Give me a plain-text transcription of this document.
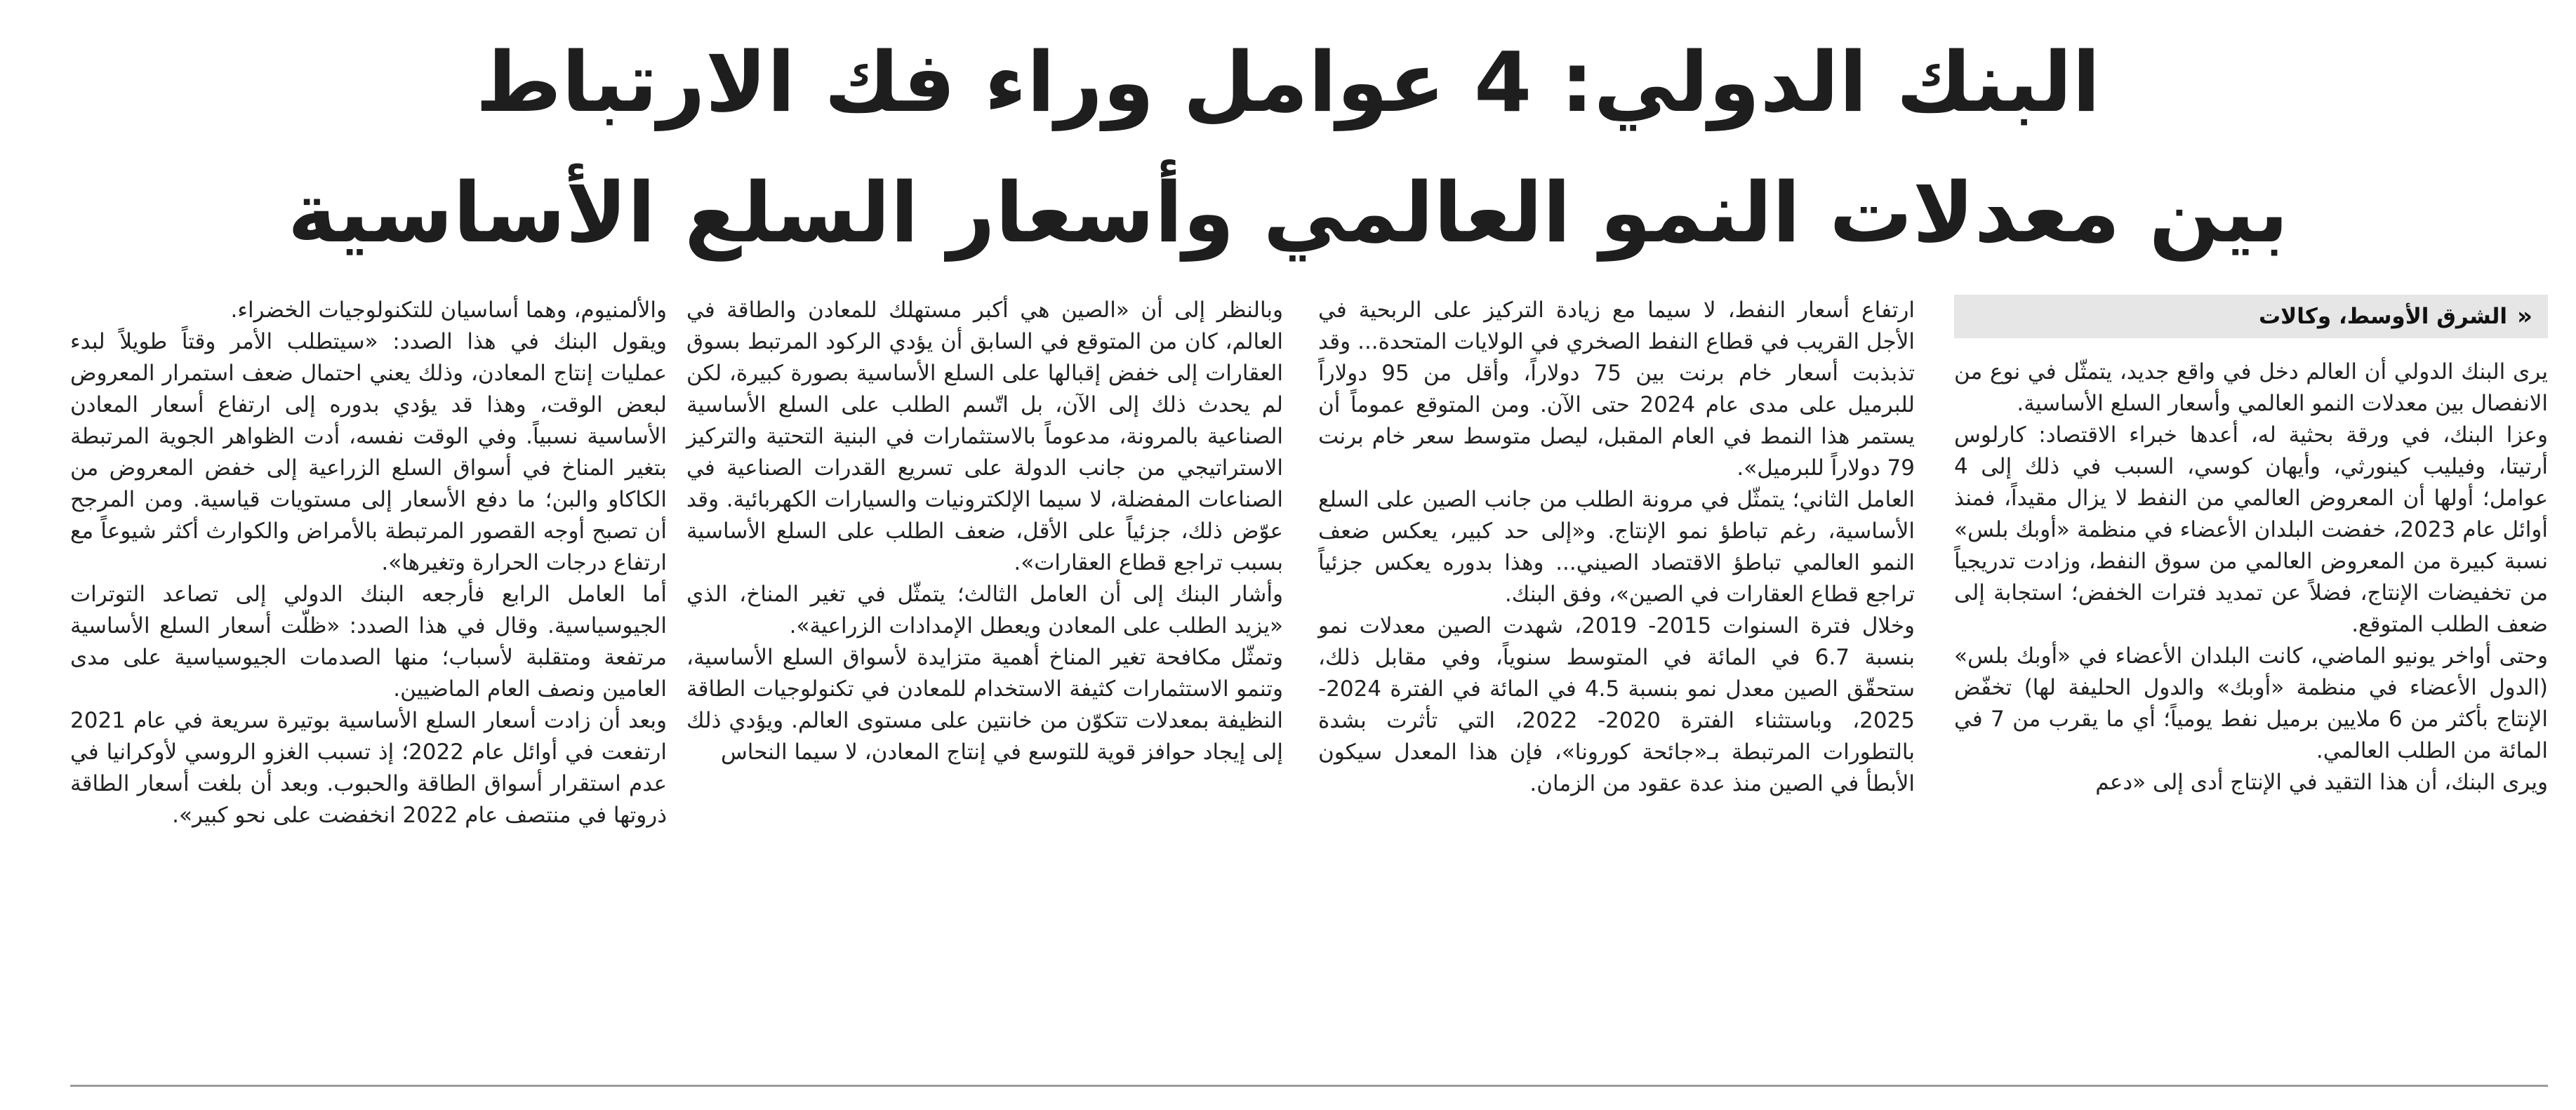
البنك الدولي: 4 عوامل وراء فك الارتباط
بين معدلات النمو العالمي وأسعار السلع الأساسية
«
الشرق الأوسط، وكالات

يرى البنك الدولي أن العالم دخل في واقع جديد، يتمثّل في نوع من الانفصال بين معدلات النمو العالمي وأسعار السلع الأساسية.

وعزا البنك، في ورقة بحثية له، أعدها خبراء الاقتصاد: كارلوس أرتيتا، وفيليب كينورثي، وأيهان كوسي، السبب في ذلك إلى 4 عوامل؛ أولها أن المعروض العالمي من النفط لا يزال مقيداً، فمنذ أوائل عام 2023، خفضت البلدان الأعضاء في منظمة «أوبك بلس» نسبة كبيرة من المعروض العالمي من سوق النفط، وزادت تدريجياً من تخفيضات الإنتاج، فضلاً عن تمديد فترات الخفض؛ استجابة إلى ضعف الطلب المتوقع.

وحتى أواخر يونيو الماضي، كانت البلدان الأعضاء في «أوبك بلس» (الدول الأعضاء في منظمة «أوبك» والدول الحليفة لها) تخفّض الإنتاج بأكثر من 6 ملايين برميل نفط يومياً؛ أي ما يقرب من 7 في المائة من الطلب العالمي.

ويرى البنك، أن هذا التقيد في الإنتاج أدى إلى «دعم

ارتفاع أسعار النفط، لا سيما مع زيادة التركيز على الربحية في الأجل القريب في قطاع النفط الصخري في الولايات المتحدة... وقد تذبذبت أسعار خام برنت بين 75 دولاراً، وأقل من 95 دولاراً للبرميل على مدى عام 2024 حتى الآن. ومن المتوقع عموماً أن يستمر هذا النمط في العام المقبل، ليصل متوسط سعر خام برنت 79 دولاراً للبرميل».

العامل الثاني؛ يتمثّل في مرونة الطلب من جانب الصين على السلع الأساسية، رغم تباطؤ نمو الإنتاج. و«إلى حد كبير، يعكس ضعف النمو العالمي تباطؤ الاقتصاد الصيني... وهذا بدوره يعكس جزئياً تراجع قطاع العقارات في الصين»، وفق البنك.

وخلال فترة السنوات 2015- 2019، شهدت الصين معدلات نمو بنسبة 6.7 في المائة في المتوسط سنوياً، وفي مقابل ذلك، ستحقّق الصين معدل نمو بنسبة 4.5 في المائة في الفترة 2024- 2025، وباستثناء الفترة 2020- 2022، التي تأثرت بشدة بالتطورات المرتبطة بـ«جائحة كورونا»، فإن هذا المعدل سيكون الأبطأ في الصين منذ عدة عقود من الزمان.

وبالنظر إلى أن «الصين هي أكبر مستهلك للمعادن والطاقة في العالم، كان من المتوقع في السابق أن يؤدي الركود المرتبط بسوق العقارات إلى خفض إقبالها على السلع الأساسية بصورة كبيرة، لكن لم يحدث ذلك إلى الآن، بل اتّسم الطلب على السلع الأساسية الصناعية بالمرونة، مدعوماً بالاستثمارات في البنية التحتية والتركيز الاستراتيجي من جانب الدولة على تسريع القدرات الصناعية في الصناعات المفضلة، لا سيما الإلكترونيات والسيارات الكهربائية. وقد عوّض ذلك، جزئياً على الأقل، ضعف الطلب على السلع الأساسية بسبب تراجع قطاع العقارات».

وأشار البنك إلى أن العامل الثالث؛ يتمثّل في تغير المناخ، الذي «يزيد الطلب على المعادن ويعطل الإمدادات الزراعية».

وتمثّل مكافحة تغير المناخ أهمية متزايدة لأسواق السلع الأساسية، وتنمو الاستثمارات كثيفة الاستخدام للمعادن في تكنولوجيات الطاقة النظيفة بمعدلات تتكوّن من خانتين على مستوى العالم. ويؤدي ذلك إلى إيجاد حوافز قوية للتوسع في إنتاج المعادن، لا سيما النحاس

والألمنيوم، وهما أساسيان للتكنولوجيات الخضراء.

ويقول البنك في هذا الصدد: «سيتطلب الأمر وقتاً طويلاً لبدء عمليات إنتاج المعادن، وذلك يعني احتمال ضعف استمرار المعروض لبعض الوقت، وهذا قد يؤدي بدوره إلى ارتفاع أسعار المعادن الأساسية نسبياً. وفي الوقت نفسه، أدت الظواهر الجوية المرتبطة بتغير المناخ في أسواق السلع الزراعية إلى خفض المعروض من الكاكاو والبن؛ ما دفع الأسعار إلى مستويات قياسية. ومن المرجح أن تصبح أوجه القصور المرتبطة بالأمراض والكوارث أكثر شيوعاً مع ارتفاع درجات الحرارة وتغيرها».

أما العامل الرابع فأرجعه البنك الدولي إلى تصاعد التوترات الجيوسياسية. وقال في هذا الصدد: «ظلّت أسعار السلع الأساسية مرتفعة ومتقلبة لأسباب؛ منها الصدمات الجيوسياسية على مدى العامين ونصف العام الماضيين.

وبعد أن زادت أسعار السلع الأساسية بوتيرة سريعة في عام 2021 ارتفعت في أوائل عام 2022؛ إذ تسبب الغزو الروسي لأوكرانيا في عدم استقرار أسواق الطاقة والحبوب. وبعد أن بلغت أسعار الطاقة ذروتها في منتصف عام 2022 انخفضت على نحو كبير».
